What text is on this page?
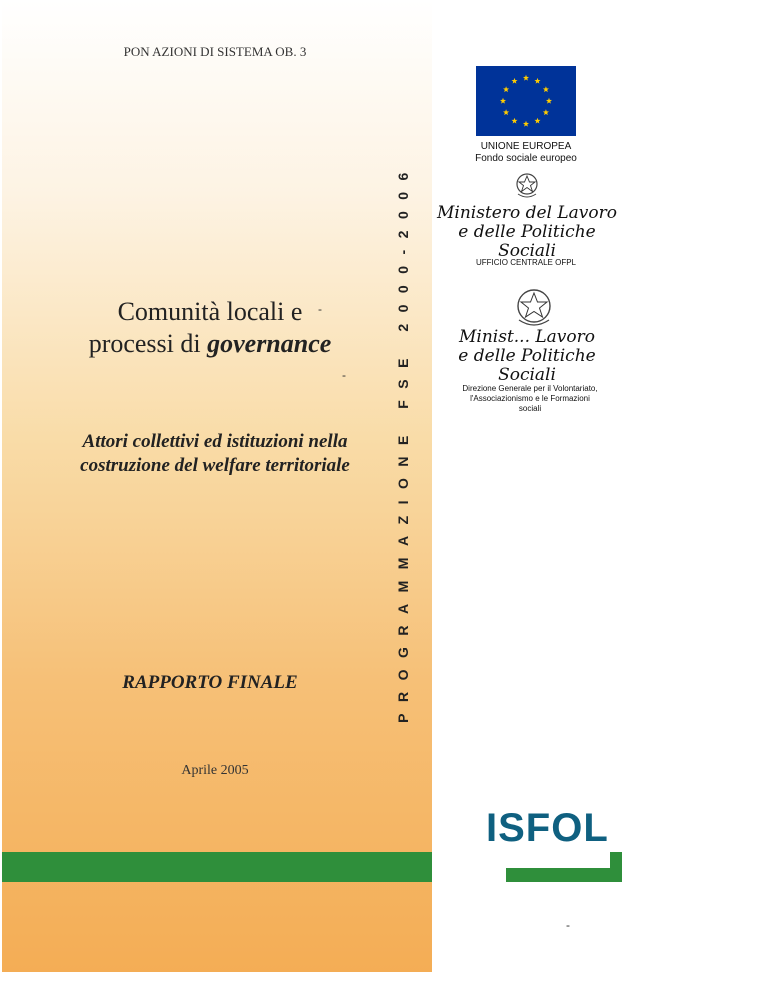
PON AZIONI DI SISTEMA OB. 3
PROGRAMMAZIONE FSE 2000-2006
Comunità locali e
processi di governance
Attori collettivi ed istituzioni nella costruzione del welfare territoriale
RAPPORTO FINALE
Aprile 2005
UNIONE EUROPEA
Fondo sociale europeo
Ministero del Lavoro
e delle Politiche Sociali
UFFICIO CENTRALE OFPL
Minist... Lavoro
e delle Politiche Sociali
Direzione Generale per il Volontariato, l'Associazionismo e le Formazioni sociali
ISFOL
-
-
-
